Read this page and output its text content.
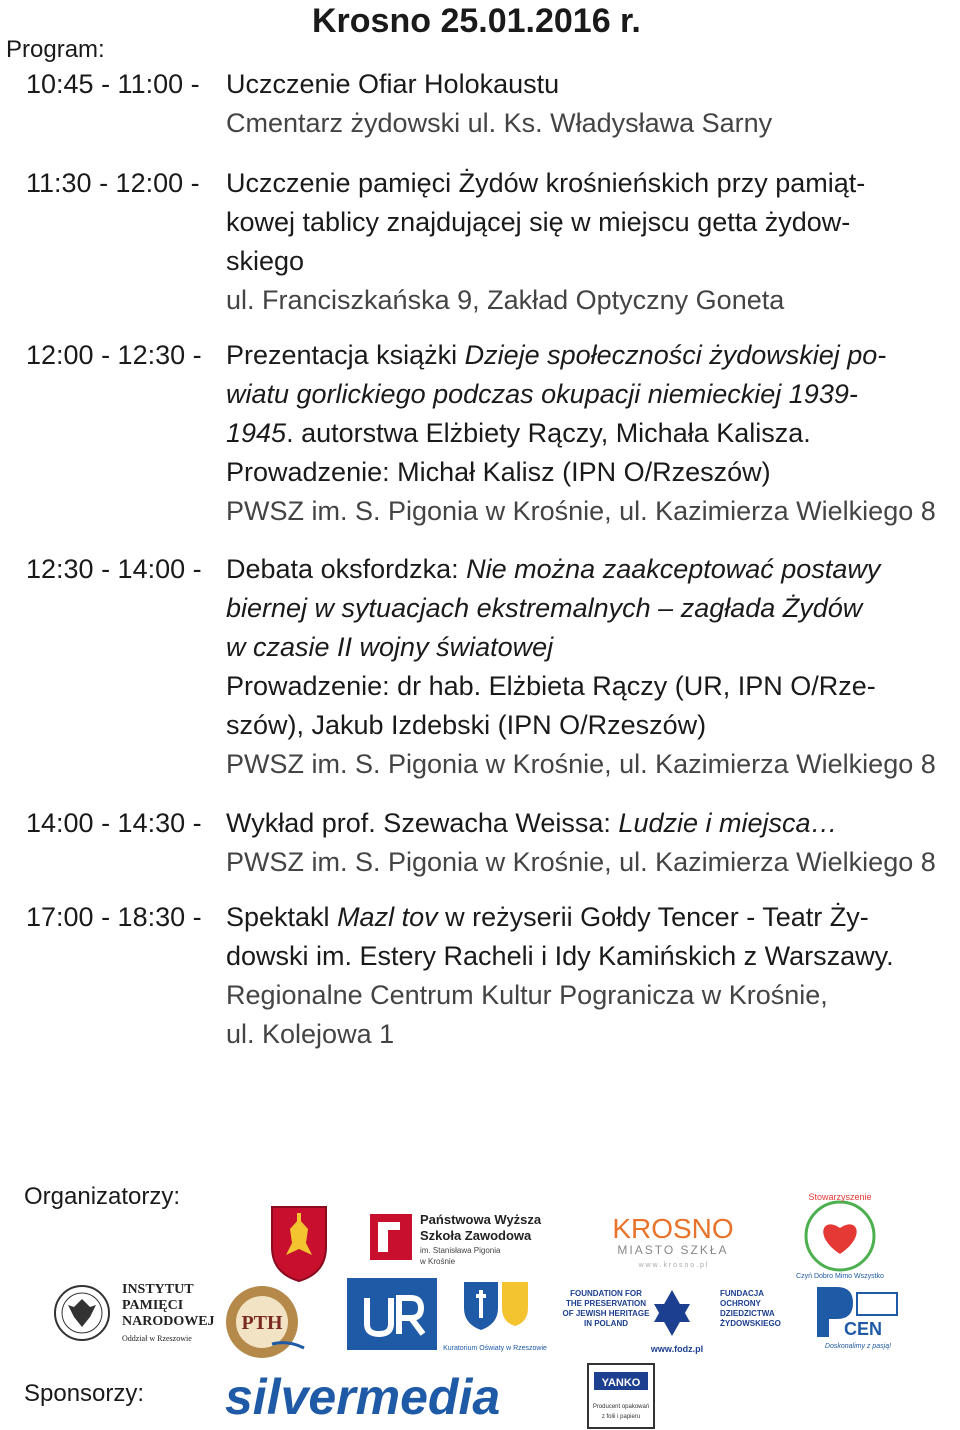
Krosno 25.01.2016 r.
Program:
10:45 - 11:00 - Uczczenie Ofiar Holokaustu
Cmentarz żydowski ul. Ks. Władysława Sarny
11:30 - 12:00 - Uczczenie pamięci Żydów krośnieńskich przy pamiąt-
kowej tablicy znajdującej się w miejscu getta żydow-
skiego
ul. Franciszkańska 9, Zakład Optyczny Goneta
12:00 - 12:30 - Prezentacja książki Dzieje społeczności żydowskiej po-
wiatu gorlickiego podczas okupacji niemieckiej 1939-
1945. autorstwa Elżbiety Rączy, Michała Kalisza.
Prowadzenie: Michał Kalisz (IPN O/Rzeszów)
PWSZ im. S. Pigonia w Krośnie, ul. Kazimierza Wielkiego 8
12:30 - 14:00 - Debata oksfordzka: Nie można zaakceptować postawy
biernej w sytuacjach ekstremalnych – zagłada Żydów
w czasie II wojny światowej
Prowadzenie: dr hab. Elżbieta Rączy (UR, IPN O/Rze-
szów), Jakub Izdebski (IPN O/Rzeszów)
PWSZ im. S. Pigonia w Krośnie, ul. Kazimierza Wielkiego 8
14:00 - 14:30 - Wykład prof. Szewacha Weissa: Ludzie i miejsca…
PWSZ im. S. Pigonia w Krośnie, ul. Kazimierza Wielkiego 8
17:00 - 18:30 - Spektakl Mazl tov w reżyserii Gołdy Tencer - Teatr Ży-
dowski im. Estery Racheli i Idy Kamińskich z Warszawy.
Regionalne Centrum Kultur Pogranicza w Krośnie,
ul. Kolejowa 1
Organizatorzy:
Sponsorzy:
Państwowa Wyższa
Szkoła Zawodowa
im. Stanisława Pigonia
w Krośnie
KROSNO
MIASTO SZKŁA
w w w . k r o s n o . p l
Stowarzyszenie
Czyń Dobro Mimo Wszystko
INSTYTUT
PAMIĘCI
NARODOWEJ
Oddział w Rzeszowie
PTH
Kuratorium Oświaty w Rzeszowie
FOUNDATION FOR
THE PRESERVATION
OF JEWISH HERITAGE
IN POLAND
FUNDACJA
OCHRONY
DZIEDZICTWA
ŻYDOWSKIEGO
www.fodz.pl
CEN
Doskonalimy z pasją!
silvermedia	YANKO
Producent opakowań
z folii i papieru
